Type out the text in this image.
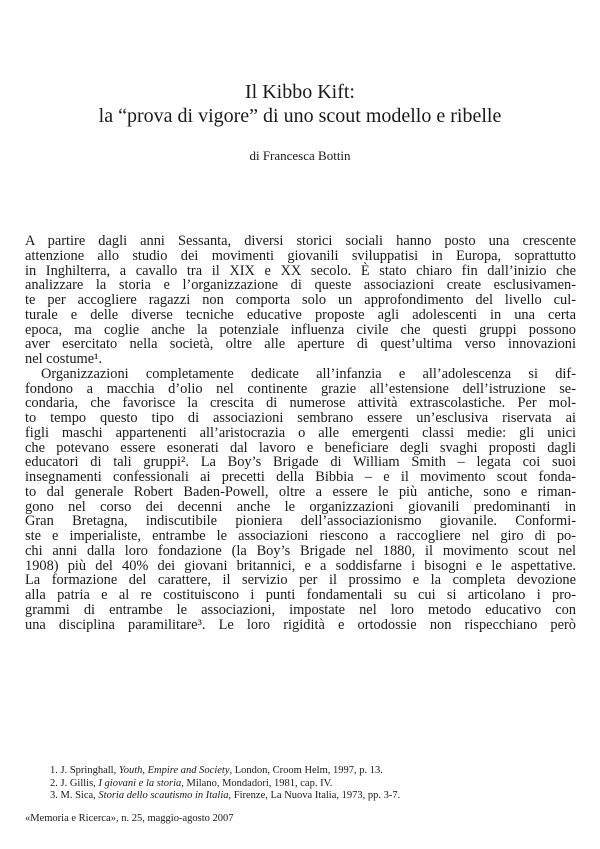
Il Kibbo Kift:
la “prova di vigore” di uno scout modello e ribelle
di Francesca Bottin
A partire dagli anni Sessanta, diversi storici sociali hanno posto una crescente
attenzione allo studio dei movimenti giovanili sviluppatisi in Europa, soprattutto
in Inghilterra, a cavallo tra il XIX e XX secolo. È stato chiaro fin dall’inizio che
analizzare la storia e l’organizzazione di queste associazioni create esclusivamen-
te per accogliere ragazzi non comporta solo un approfondimento del livello cul-
turale e delle diverse tecniche educative proposte agli adolescenti in una certa
epoca, ma coglie anche la potenziale influenza civile che questi gruppi possono
aver esercitato nella società, oltre alle aperture di quest’ultima verso innovazioni
nel costume¹.
Organizzazioni completamente dedicate all’infanzia e all’adolescenza si dif-
fondono a macchia d’olio nel continente grazie all’estensione dell’istruzione se-
condaria, che favorisce la crescita di numerose attività extrascolastiche. Per mol-
to tempo questo tipo di associazioni sembrano essere un’esclusiva riservata ai
figli maschi appartenenti all’aristocrazia o alle emergenti classi medie: gli unici
che potevano essere esonerati dal lavoro e beneficiare degli svaghi proposti dagli
educatori di tali gruppi². La Boy’s Brigade di William Smith – legata coi suoi
insegnamenti confessionali ai precetti della Bibbia – e il movimento scout fonda-
to dal generale Robert Baden-Powell, oltre a essere le più antiche, sono e riman-
gono nel corso dei decenni anche le organizzazioni giovanili predominanti in
Gran Bretagna, indiscutibile pioniera dell’associazionismo giovanile. Conformi-
ste e imperialiste, entrambe le associazioni riescono a raccogliere nel giro di po-
chi anni dalla loro fondazione (la Boy’s Brigade nel 1880, il movimento scout nel
1908) più del 40% dei giovani britannici, e a soddisfarne i bisogni e le aspettative.
La formazione del carattere, il servizio per il prossimo e la completa devozione
alla patria e al re costituiscono i punti fondamentali su cui si articolano i pro-
grammi di entrambe le associazioni, impostate nel loro metodo educativo con
una disciplina paramilitare³. Le loro rigidità e ortodossie non rispecchiano però
1. J. Springhall, Youth, Empire and Society, London, Croom Helm, 1997, p. 13.
2. J. Gillis, I giovani e la storia, Milano, Mondadori, 1981, cap. IV.
3. M. Sica, Storia dello scautismo in Italia, Firenze, La Nuova Italia, 1973, pp. 3-7.
«Memoria e Ricerca», n. 25, maggio-agosto 2007
